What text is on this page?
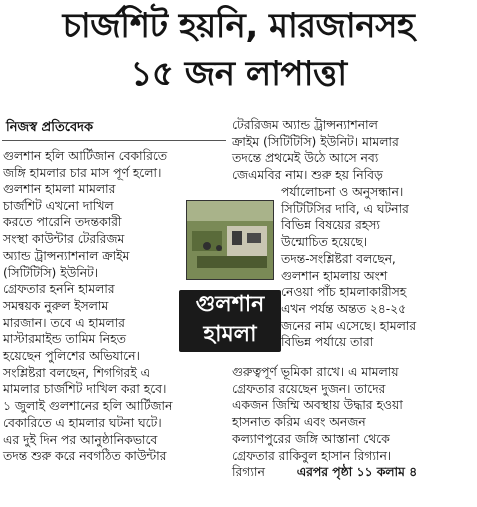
চার্জশিট হয়নি, মারজানসহ
১৫ জন লাপাত্তা
নিজস্ব প্রতিবেদক
গুলশান হলি আর্টিজান বেকারিতে
জঙ্গি হামলার চার মাস পূর্ণ হলো।
গুলশান হামলা মামলার
চার্জশিট এখনো দাখিল
করতে পারেনি তদন্তকারী
সংস্থা কাউন্টার টেররিজম
অ্যান্ড ট্রান্সন্যাশনাল ক্রাইম
(সিটিটিসি) ইউনিট।
গ্রেফতার হননি হামলার
সমন্বয়ক নুরুল ইসলাম
মারজান। তবে এ হামলার
মাস্টারমাইন্ড তামিম নিহত
হয়েছেন পুলিশের অভিযানে।
সংশ্লিষ্টরা বলছেন, শিগগিরই এ
মামলার চার্জশিট দাখিল করা হবে।
১ জুলাই গুলশানের হলি আর্টিজান
বেকারিতে এ হামলার ঘটনা ঘটে।
এর দুই দিন পর আনুষ্ঠানিকভাবে
তদন্ত শুরু করে নবগঠিত কাউন্টার
গুলশান
হামলা
টেররিজম অ্যান্ড ট্রান্সন্যাশনাল
ক্রাইম (সিটিটিসি) ইউনিট। মামলার
তদন্তে প্রথমেই উঠে আসে নব্য
জেএমবির নাম। শুরু হয় নিবিড়
পর্যালোচনা ও অনুসন্ধান।
সিটিটিসির দাবি, এ ঘটনার
বিভিন্ন বিষয়ের রহস্য
উন্মোচিত হয়েছে।
তদন্ত-সংশ্লিষ্টরা বলছেন,
গুলশান হামলায় অংশ
নেওয়া পাঁচ হামলাকারীসহ
এখন পর্যন্ত অন্তত ২৪-২৫
জনের নাম এসেছে। হামলার
বিভিন্ন পর্যায়ে তারা
গুরুত্বপূর্ণ ভূমিকা রাখে। এ মামলায়
গ্রেফতার রয়েছেন দুজন। তাদের
একজন জিম্মি অবস্থায় উদ্ধার হওয়া
হাসনাত করিম এবং অনজন
কল্যাণপুরের জঙ্গি আস্তানা থেকে
গ্রেফতার রাকিবুল হাসান রিগ্যান।
রিগ্যান	এরপর পৃষ্ঠা ১১ কলাম ৪
